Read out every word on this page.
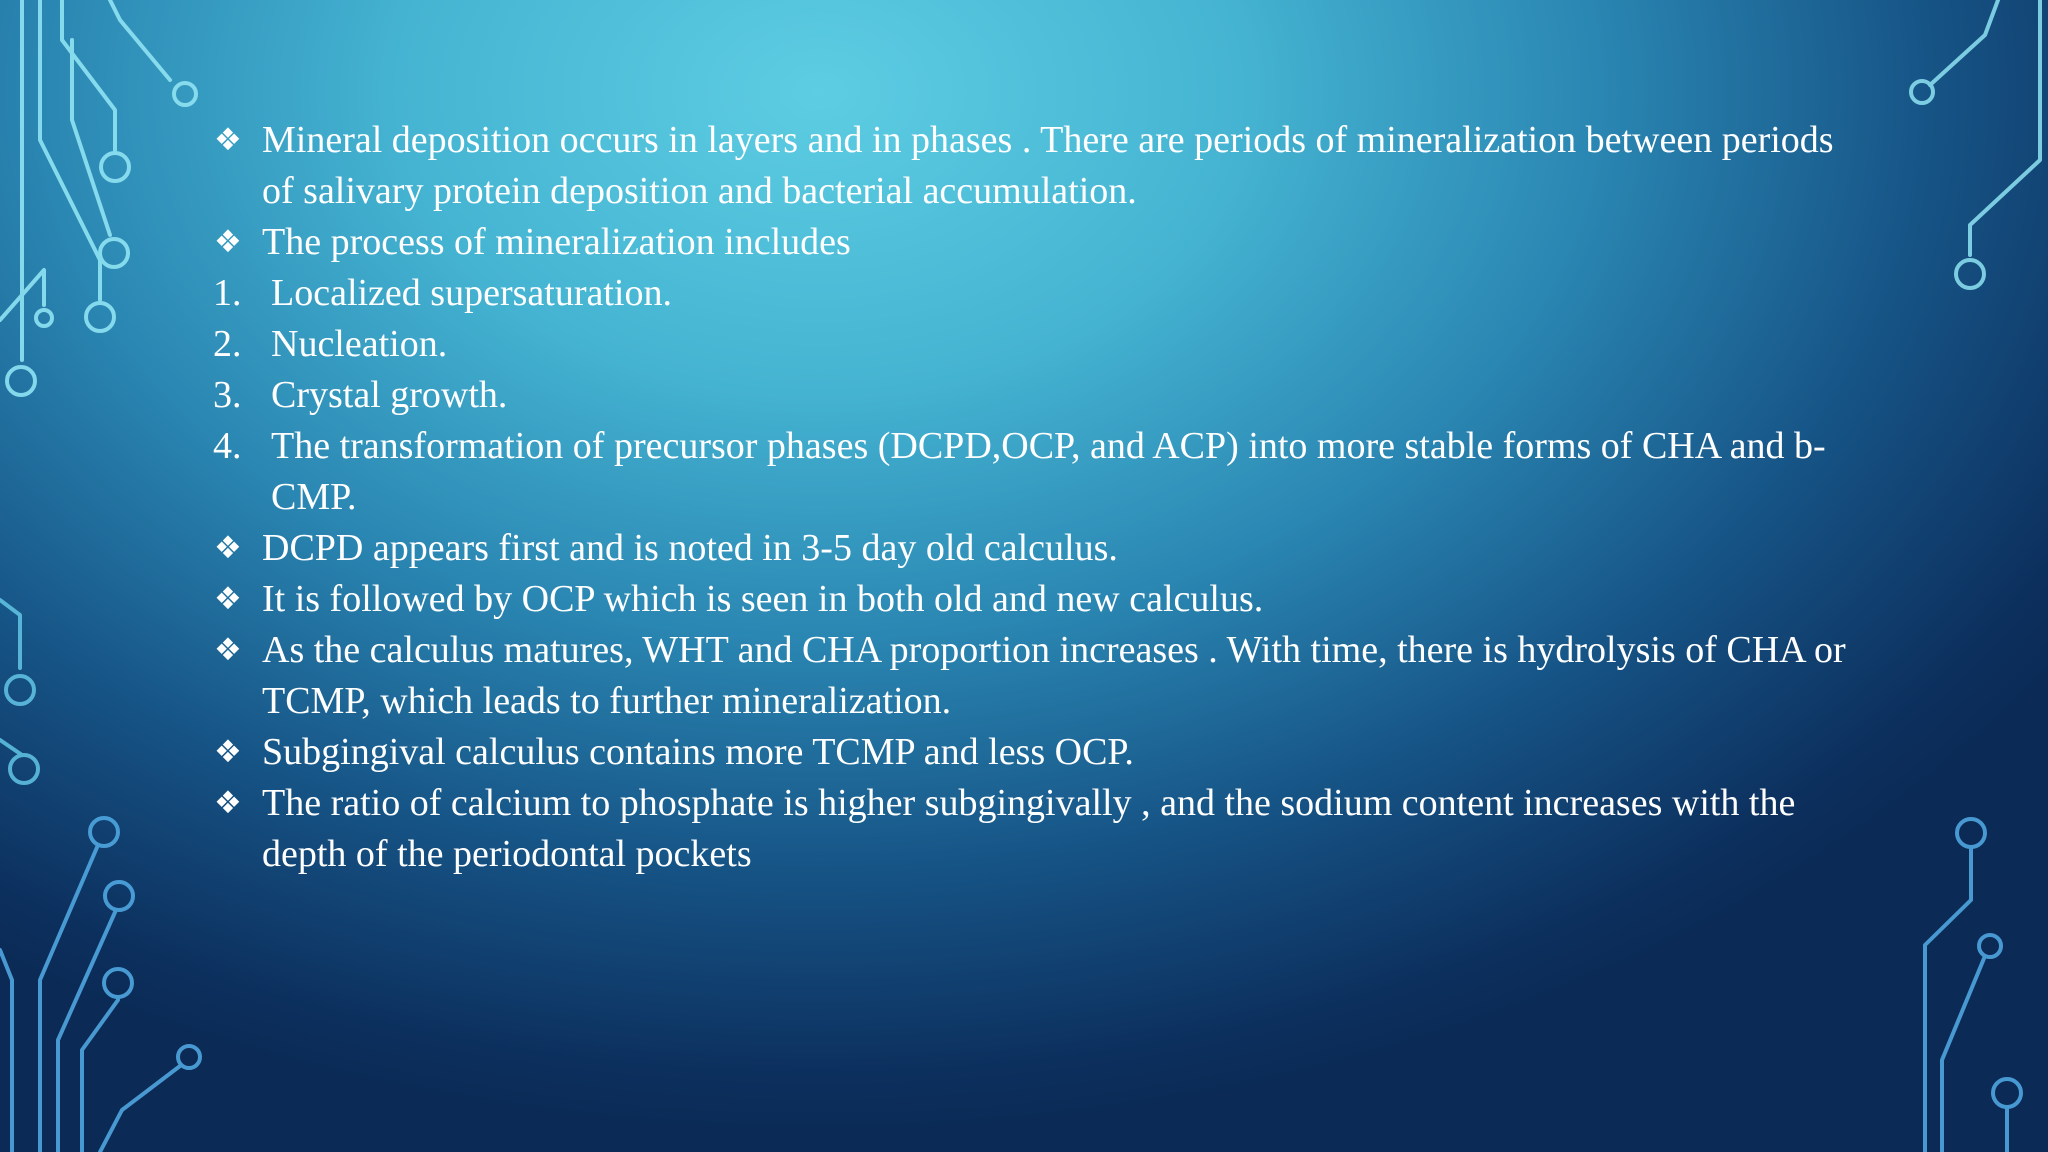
❖ Mineral deposition occurs in layers and in phases . There are periods of mineralization between periods of salivary protein deposition and bacterial accumulation.
❖ The process of mineralization includes
1. Localized supersaturation.
2. Nucleation.
3. Crystal growth.
4. The transformation of precursor phases (DCPD,OCP, and ACP) into more stable forms of CHA and b-CMP.
❖ DCPD appears first and is noted in 3-5 day old calculus.
❖ It is followed by OCP which is seen in both old and new calculus.
❖ As the calculus matures, WHT and CHA proportion increases . With time, there is hydrolysis of CHA or TCMP, which leads to further mineralization.
❖ Subgingival calculus contains more TCMP and less OCP.
❖ The ratio of calcium to phosphate is higher subgingivally , and the sodium content increases with the depth of the periodontal pockets
